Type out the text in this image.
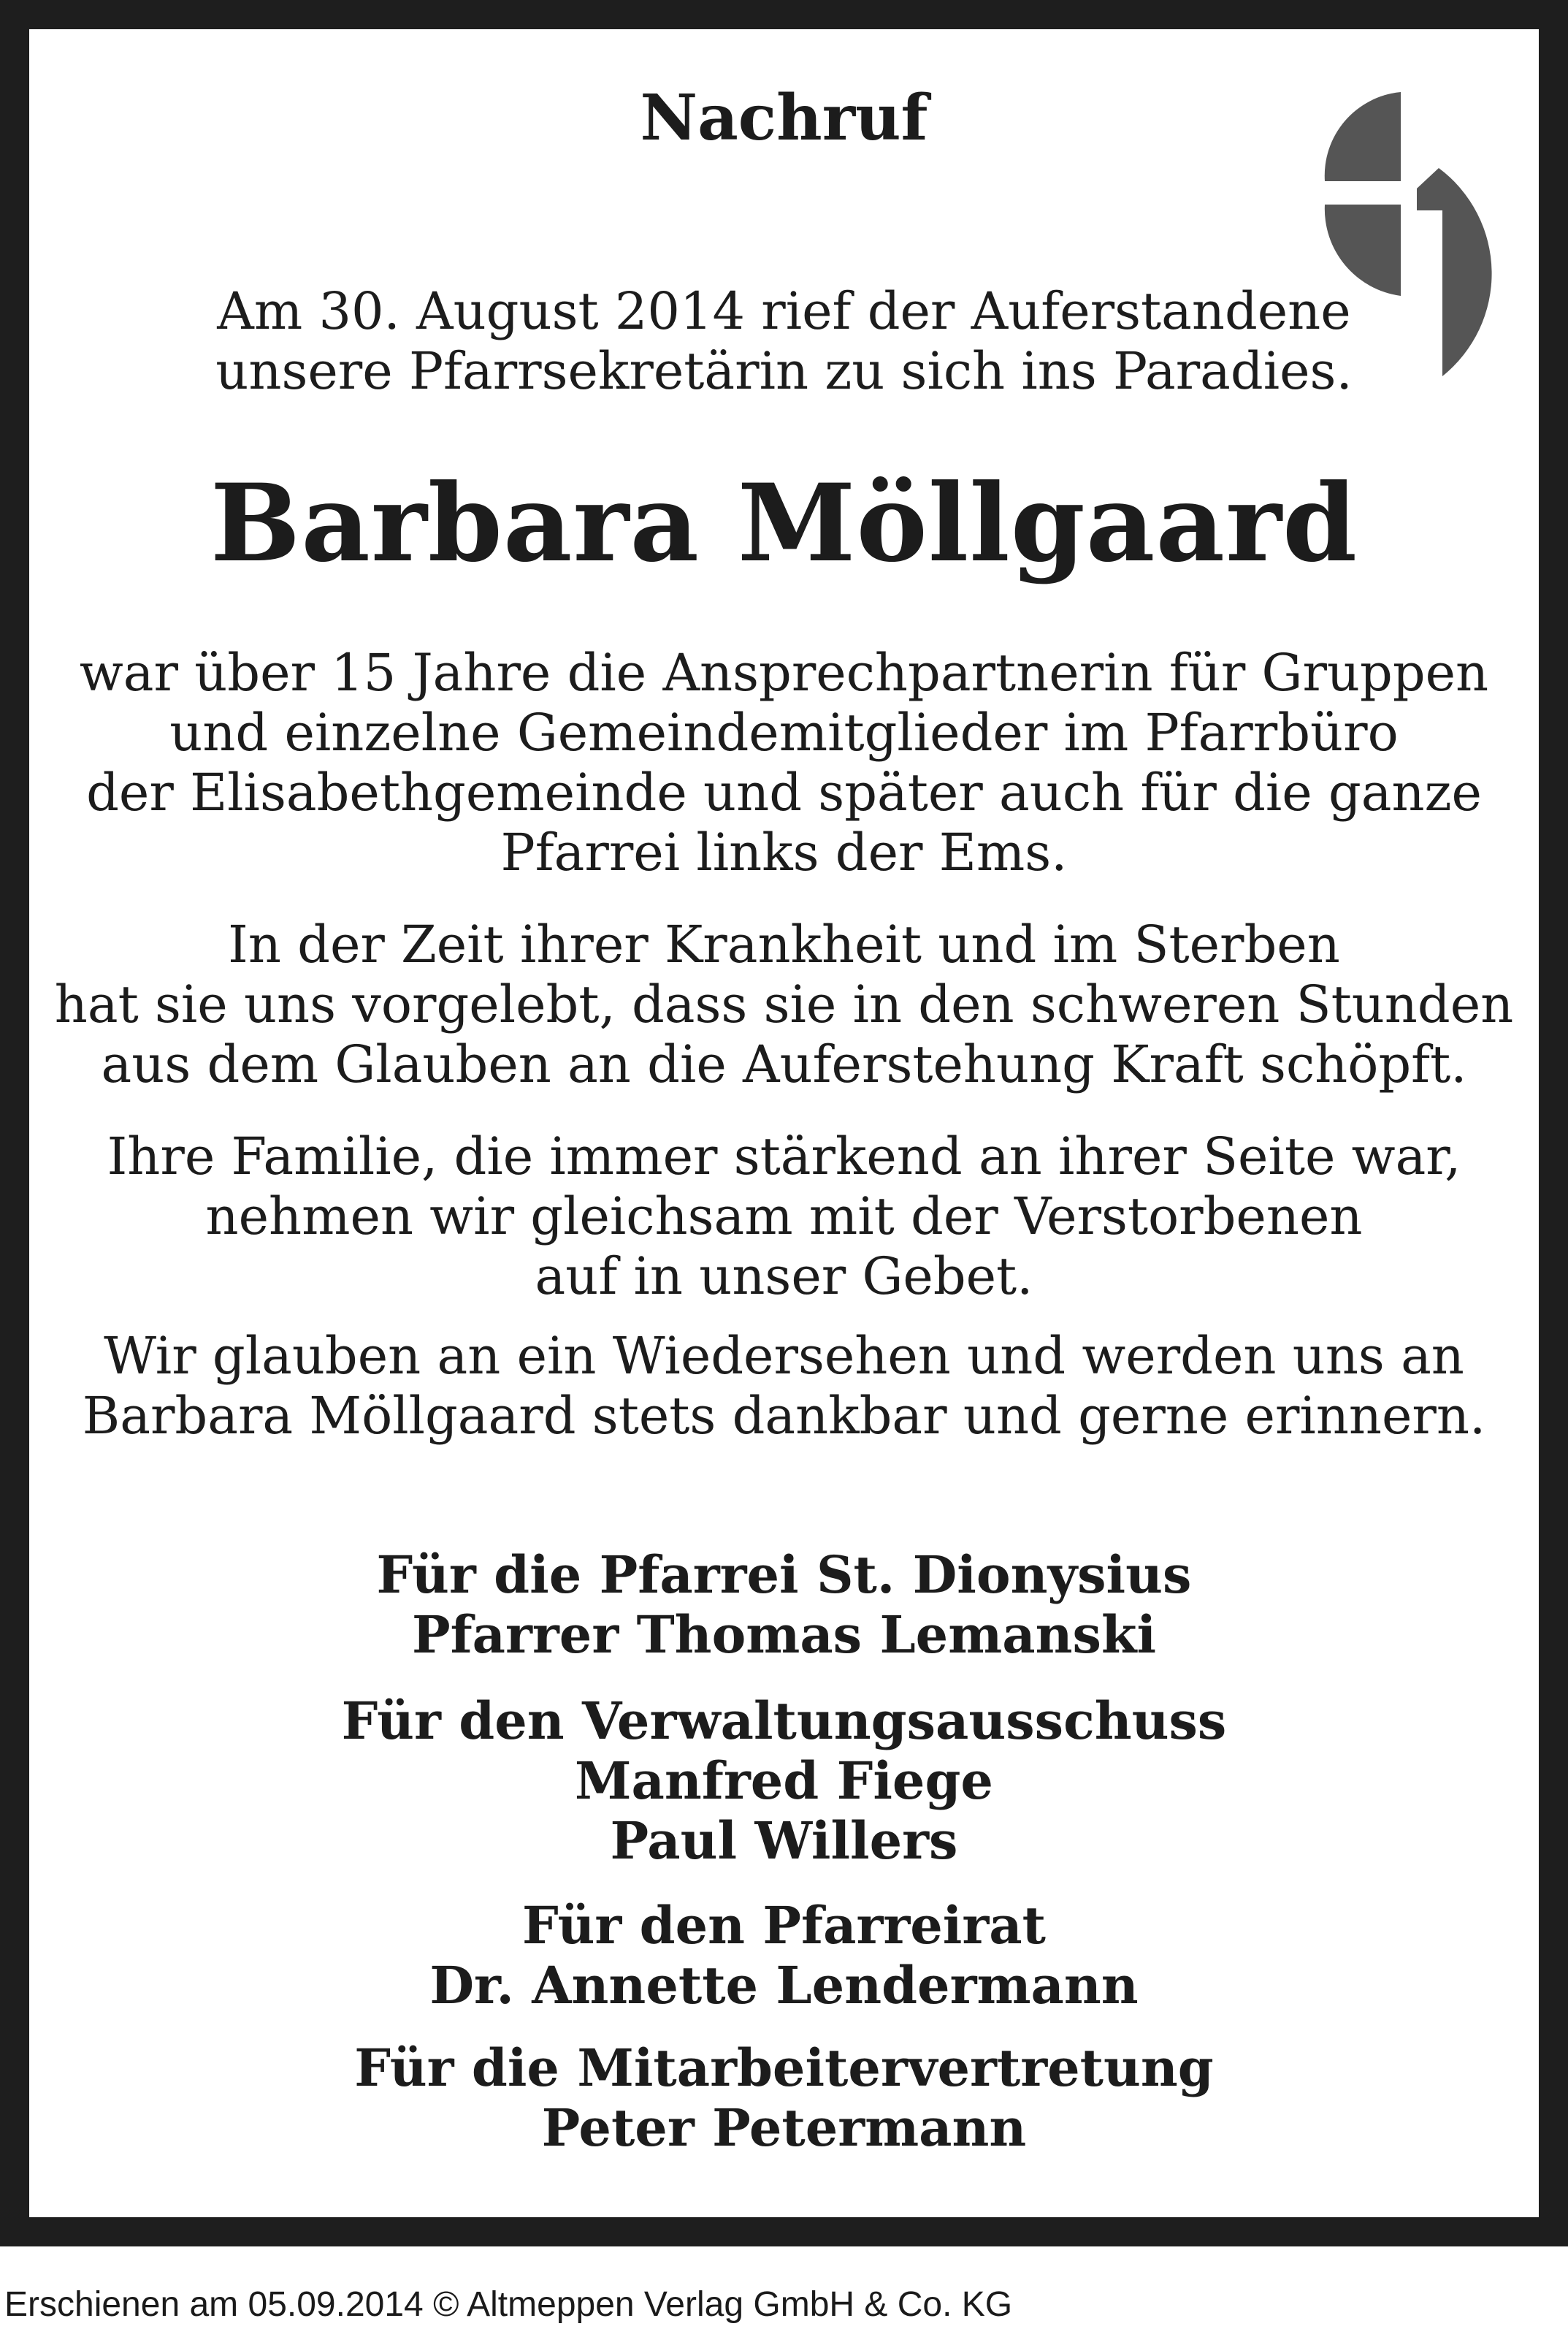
Nachruf
Am 30. August 2014 rief der Auferstandene
unsere Pfarrsekretärin zu sich ins Paradies.
Barbara Möllgaard
war über 15 Jahre die Ansprechpartnerin für Gruppen
und einzelne Gemeindemitglieder im Pfarrbüro
der Elisabethgemeinde und später auch für die ganze
Pfarrei links der Ems.
In der Zeit ihrer Krankheit und im Sterben
hat sie uns vorgelebt, dass sie in den schweren Stunden
aus dem Glauben an die Auferstehung Kraft schöpft.
Ihre Familie, die immer stärkend an ihrer Seite war,
nehmen wir gleichsam mit der Verstorbenen
auf in unser Gebet.
Wir glauben an ein Wiedersehen und werden uns an
Barbara Möllgaard stets dankbar und gerne erinnern.
Für die Pfarrei St. Dionysius
Pfarrer Thomas Lemanski
Für den Verwaltungsausschuss
Manfred Fiege
Paul Willers
Für den Pfarreirat
Dr. Annette Lendermann
Für die Mitarbeitervertretung
Peter Petermann
Erschienen am 05.09.2014 © Altmeppen Verlag GmbH & Co. KG
